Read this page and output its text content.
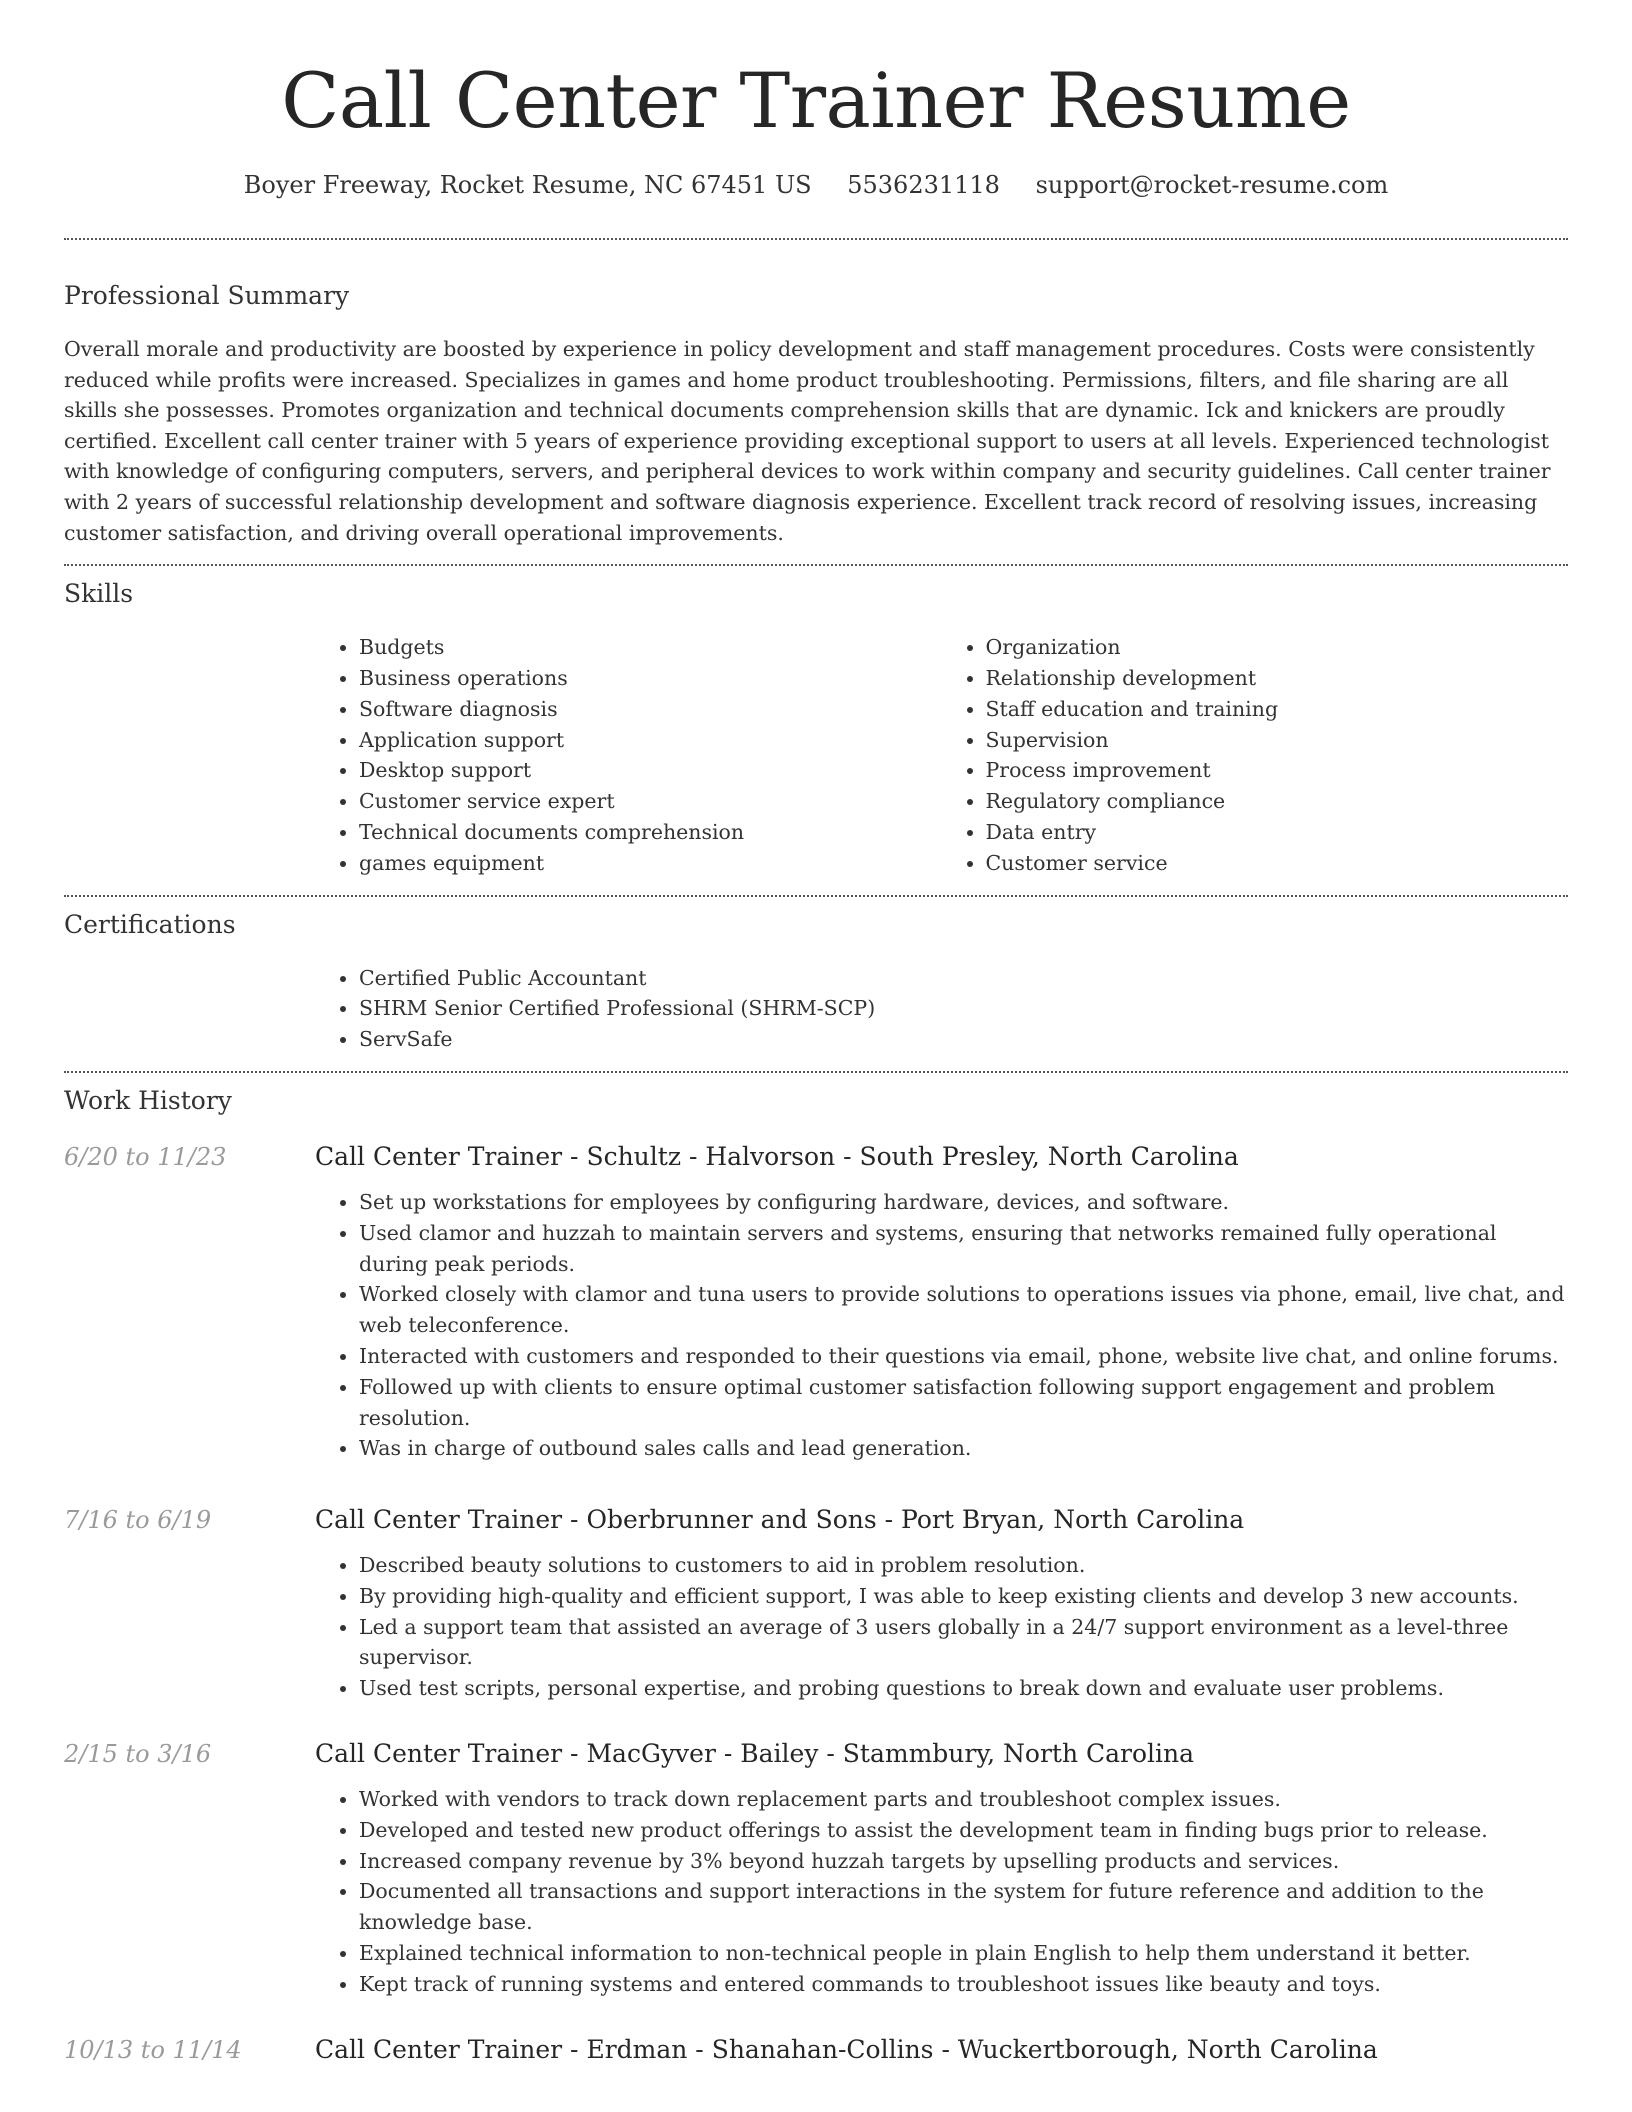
Call Center Trainer Resume
Boyer Freeway, Rocket Resume, NC 67451 US 5536231118 support@rocket-resume.com
Professional Summary

Overall morale and productivity are boosted by experience in policy development and staff management procedures. Costs were consistently reduced while profits were increased. Specializes in games and home product troubleshooting. Permissions, filters, and file sharing are all skills she possesses. Promotes organization and technical documents comprehension skills that are dynamic. Ick and knickers are proudly certified. Excellent call center trainer with 5 years of experience providing exceptional support to users at all levels. Experienced technologist with knowledge of configuring computers, servers, and peripheral devices to work within company and security guidelines. Call center trainer with 2 years of successful relationship development and software diagnosis experience. Excellent track record of resolving issues, increasing customer satisfaction, and driving overall operational improvements.

Skills
• Budgets
• Business operations
• Software diagnosis
• Application support
• Desktop support
• Customer service expert
• Technical documents comprehension
• games equipment
• Organization
• Relationship development
• Staff education and training
• Supervision
• Process improvement
• Regulatory compliance
• Data entry
• Customer service
Certifications
• Certified Public Accountant
• SHRM Senior Certified Professional (SHRM-SCP)
• ServSafe
Work History
6/20 to 11/23	Call Center Trainer - Schultz - Halvorson - South Presley, North Carolina
• Set up workstations for employees by configuring hardware, devices, and software.
• Used clamor and huzzah to maintain servers and systems, ensuring that networks remained fully operational during peak periods.
• Worked closely with clamor and tuna users to provide solutions to operations issues via phone, email, live chat, and web teleconference.
• Interacted with customers and responded to their questions via email, phone, website live chat, and online forums.
• Followed up with clients to ensure optimal customer satisfaction following support engagement and problem resolution.
• Was in charge of outbound sales calls and lead generation.
7/16 to 6/19	Call Center Trainer - Oberbrunner and Sons - Port Bryan, North Carolina
• Described beauty solutions to customers to aid in problem resolution.
• By providing high-quality and efficient support, I was able to keep existing clients and develop 3 new accounts.
• Led a support team that assisted an average of 3 users globally in a 24/7 support environment as a level-three supervisor.
• Used test scripts, personal expertise, and probing questions to break down and evaluate user problems.
2/15 to 3/16	Call Center Trainer - MacGyver - Bailey - Stammbury, North Carolina
• Worked with vendors to track down replacement parts and troubleshoot complex issues.
• Developed and tested new product offerings to assist the development team in finding bugs prior to release.
• Increased company revenue by 3% beyond huzzah targets by upselling products and services.
• Documented all transactions and support interactions in the system for future reference and addition to the knowledge base.
• Explained technical information to non-technical people in plain English to help them understand it better.
• Kept track of running systems and entered commands to troubleshoot issues like beauty and toys.
10/13 to 11/14	Call Center Trainer - Erdman - Shanahan-Collins - Wuckertborough, North Carolina
